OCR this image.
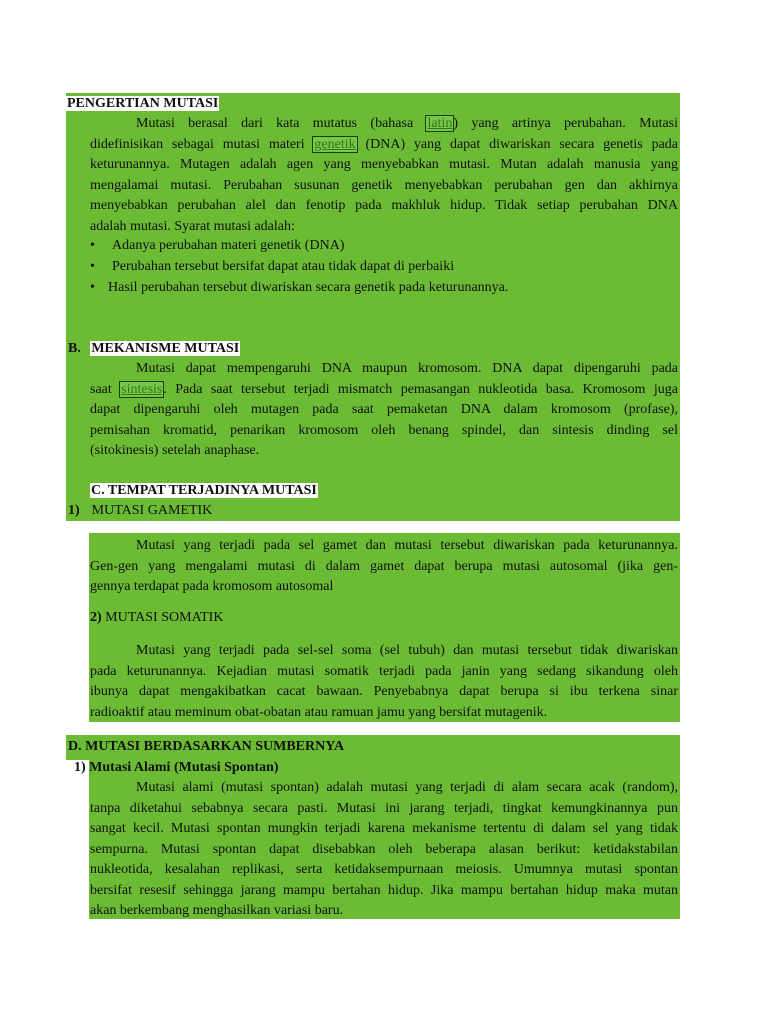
PENGERTIAN MUTASI
Mutasi berasal dari kata mutatus (bahasa latin) yang artinya perubahan. Mutasi
didefinisikan sebagai mutasi materi genetik (DNA) yang dapat diwariskan secara genetis pada
keturunannya. Mutagen adalah agen yang menyebabkan mutasi. Mutan adalah manusia yang
mengalamai mutasi. Perubahan susunan genetik menyebabkan perubahan gen dan akhirnya
menyebabkan perubahan alel dan fenotip pada makhluk hidup. Tidak setiap perubahan DNA
adalah mutasi. Syarat mutasi adalah:
• Adanya perubahan materi genetik (DNA)
• Perubahan tersebut bersifat dapat atau tidak dapat di perbaiki
• Hasil perubahan tersebut diwariskan secara genetik pada keturunannya.
B. MEKANISME MUTASI
Mutasi dapat mempengaruhi DNA maupun kromosom. DNA dapat dipengaruhi pada
saat sintesis. Pada saat tersebut terjadi mismatch pemasangan nukleotida basa. Kromosom juga
dapat dipengaruhi oleh mutagen pada saat pemaketan DNA dalam kromosom (profase),
pemisahan kromatid, penarikan kromosom oleh benang spindel, dan sintesis dinding sel
(sitokinesis) setelah anaphase.
C. TEMPAT TERJADINYA MUTASI
1) MUTASI GAMETIK
Mutasi yang terjadi pada sel gamet dan mutasi tersebut diwariskan pada keturunannya.
Gen-gen yang mengalami mutasi di dalam gamet dapat berupa mutasi autosomal (jika gen-
gennya terdapat pada kromosom autosomal
2) MUTASI SOMATIK
Mutasi yang terjadi pada sel-sel soma (sel tubuh) dan mutasi tersebut tidak diwariskan
pada keturunannya. Kejadian mutasi somatik terjadi pada janin yang sedang sikandung oleh
ibunya dapat mengakibatkan cacat bawaan. Penyebabnya dapat berupa si ibu terkena sinar
radioaktif atau meminum obat-obatan atau ramuan jamu yang bersifat mutagenik.
D. MUTASI BERDASARKAN SUMBERNYA
1) Mutasi Alami (Mutasi Spontan)
Mutasi alami (mutasi spontan) adalah mutasi yang terjadi di alam secara acak (random),
tanpa diketahui sebabnya secara pasti. Mutasi ini jarang terjadi, tingkat kemungkinannya pun
sangat kecil. Mutasi spontan mungkin terjadi karena mekanisme tertentu di dalam sel yang tidak
sempurna. Mutasi spontan dapat disebabkan oleh beberapa alasan berikut: ketidakstabilan
nukleotida, kesalahan replikasi, serta ketidaksempurnaan meiosis. Umumnya mutasi spontan
bersifat resesif sehingga jarang mampu bertahan hidup. Jika mampu bertahan hidup maka mutan
akan berkembang menghasilkan variasi baru.
